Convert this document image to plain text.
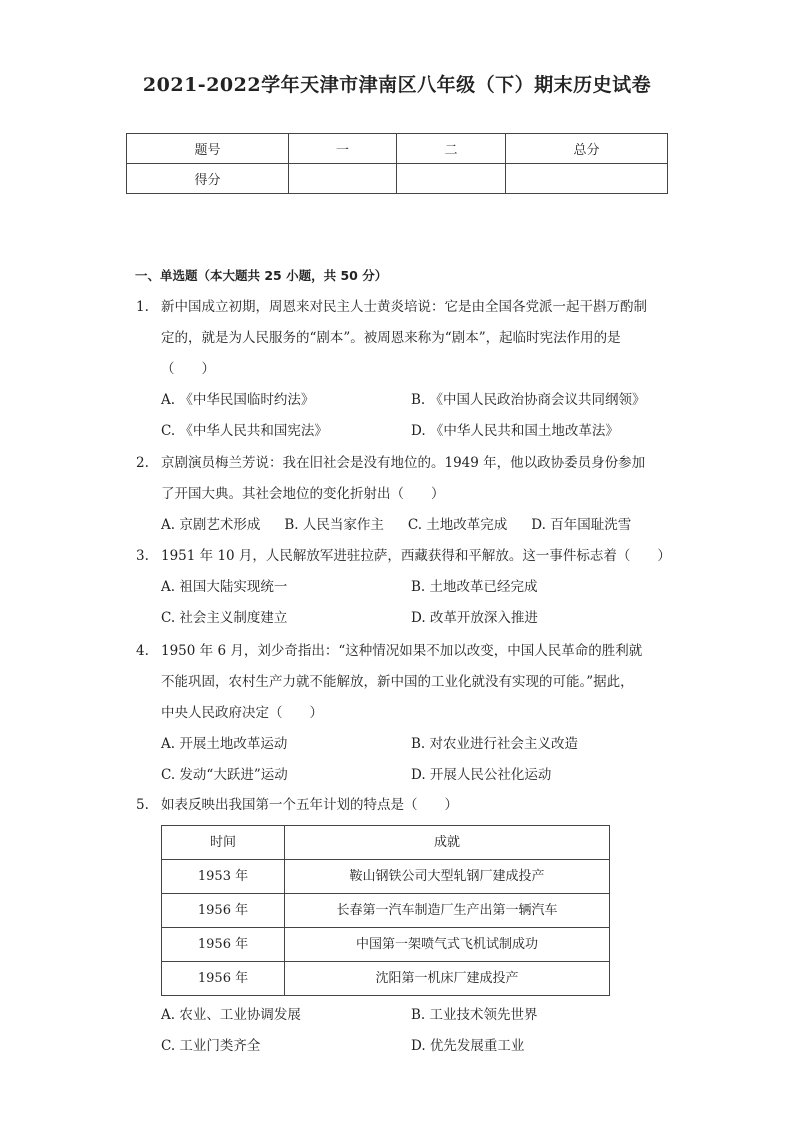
2021-2022学年天津市津南区八年级（下）期末历史试卷
题号	一	二	总分
得分			
一、单选题（本大题共 25 小题，共 50 分）
1. 新中国成立初期，周恩来对民主人士黄炎培说：它是由全国各党派一起干斟万酌制
定的，就是为人民服务的“剧本”。被周恩来称为“剧本”，起临时宪法作用的是
（　　）
A. 《中华民国临时约法》	B. 《中国人民政治协商会议共同纲领》
C. 《中华人民共和国宪法》	D. 《中华人民共和国土地改革法》
2. 京剧演员梅兰芳说：我在旧社会是没有地位的。1949 年，他以政协委员身份参加
了开国大典。其社会地位的变化折射出（　　）
A. 京剧艺术形成 B. 人民当家作主 C. 土地改革完成 D. 百年国耻洗雪
3. 1951 年 10 月，人民解放军进驻拉萨，西藏获得和平解放。这一事件标志着（　　）
A. 祖国大陆实现统一	B. 土地改革已经完成
C. 社会主义制度建立	D. 改革开放深入推进
4. 1950 年 6 月，刘少奇指出：“这种情况如果不加以改变，中国人民革命的胜利就
不能巩固，农村生产力就不能解放，新中国的工业化就没有实现的可能。”据此，
中央人民政府决定（　　）
A. 开展土地改革运动	B. 对农业进行社会主义改造
C. 发动“大跃进”运动	D. 开展人民公社化运动
5. 如表反映出我国第一个五年计划的特点是（　　）
时间	成就
1953 年	鞍山钢铁公司大型轧钢厂建成投产
1956 年	长春第一汽车制造厂生产出第一辆汽车
1956 年	中国第一架喷气式飞机试制成功
1956 年	沈阳第一机床厂建成投产
A. 农业、工业协调发展	B. 工业技术领先世界
C. 工业门类齐全	D. 优先发展重工业
